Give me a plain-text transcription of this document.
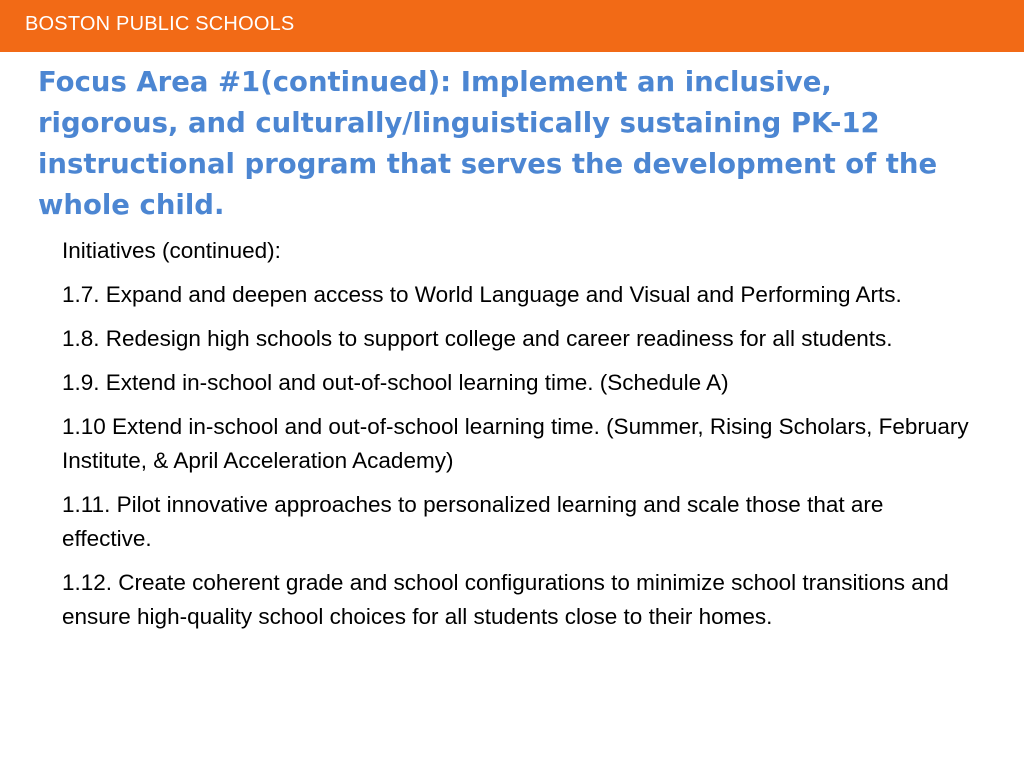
BOSTON PUBLIC SCHOOLS
Focus Area #1(continued): Implement an inclusive, rigorous, and culturally/linguistically sustaining PK-12 instructional program that serves the development of the whole child.

Initiatives (continued):

1.7. Expand and deepen access to World Language and Visual and Performing Arts.

1.8. Redesign high schools to support college and career readiness for all students.

1.9. Extend in-school and out-of-school learning time. (Schedule A)

1.10 Extend in-school and out-of-school learning time. (Summer, Rising Scholars, February Institute, & April Acceleration Academy)

1.11. Pilot innovative approaches to personalized learning and scale those that are effective.

1.12. Create coherent grade and school configurations to minimize school transitions and ensure high-quality school choices for all students close to their homes.
